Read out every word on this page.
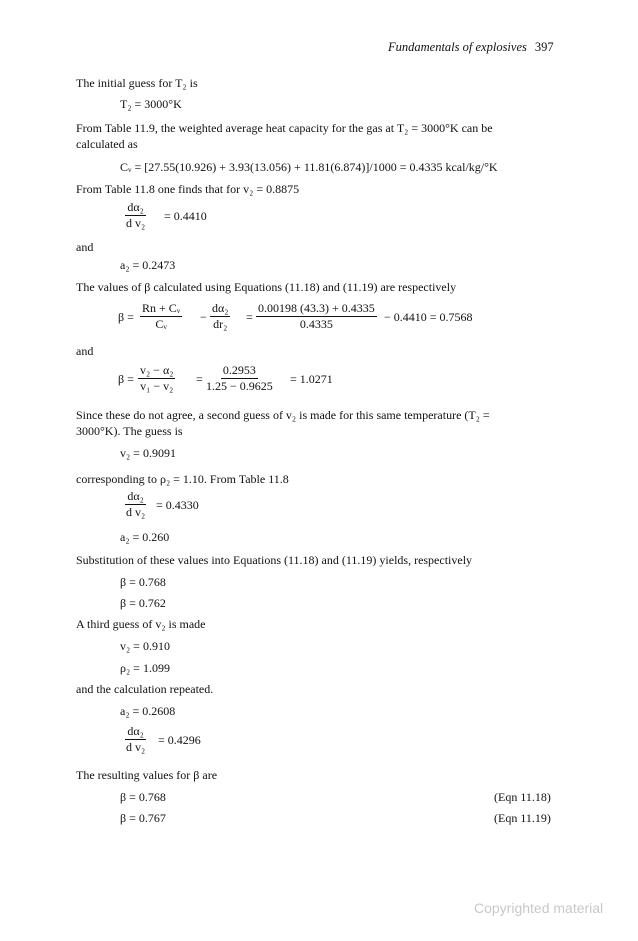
Fundamentals of explosives 397
The initial guess for T₂ is
T₂ = 3000°K
From Table 11.9, the weighted average heat capacity for the gas at T₂ = 3000°K can be
calculated as
Cᵥ = [27.55(10.926) + 3.93(13.056) + 11.81(6.874)]/1000 = 0.4335 kcal/kg/°K
From Table 11.8 one finds that for v₂ = 0.8875
$\frac{\text{dα₂}}{\text{d v₂}} = 0.4410$
and
a₂ = 0.2473
The values of β calculated using Equations (11.18) and (11.19) are respectively
$\beta = \frac{\text{Rn + Cᵥ}}{\text{Cᵥ}} - \frac{\text{dα₂}}{\text{dr₂}} = \frac{0.00198 (43.3) + 0.4335}{0.4335} - 0.4410 = 0.7568$
and
$\beta = \frac{\text{v₂ − α₂}}{\text{v₁ − v₂}} = \frac{0.2953}{1.25 - 0.9625} = 1.0271$
Since these do not agree, a second guess of v₂ is made for this same temperature (T₂ =
3000°K). The guess is
v₂ = 0.9091
corresponding to ρ₂ = 1.10. From Table 11.8
$\frac{\text{dα₂}}{\text{d v₂}} = 0.4330$
a₂ = 0.260
Substitution of these values into Equations (11.18) and (11.19) yields, respectively
β = 0.768
β = 0.762
A third guess of v₂ is made
v₂ = 0.910
ρ₂ = 1.099
and the calculation repeated.
a₂ = 0.2608
$\frac{\text{dα₂}}{\text{d v₂}} = 0.4296$
The resulting values for β are
β = 0.768	(Eqn 11.18)
β = 0.767	(Eqn 11.19)
Copyrighted material
